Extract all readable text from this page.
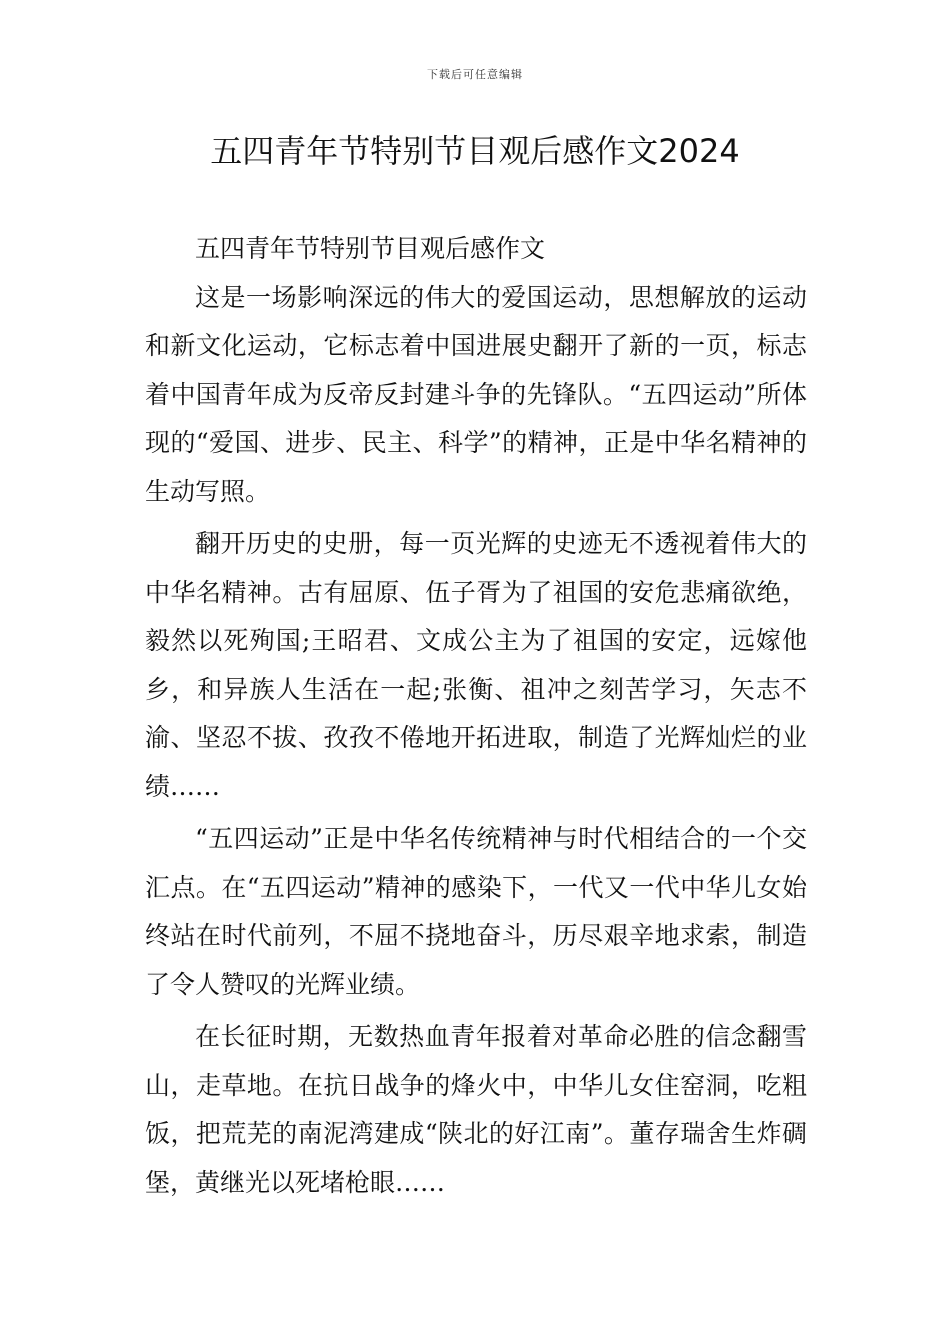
下载后可任意编辑
五四青年节特别节目观后感作文2024

五四青年节特别节目观后感作文

这是一场影响深远的伟大的爱国运动，思想解放的运动和新文化运动，它标志着中国进展史翻开了新的一页，标志着中国青年成为反帝反封建斗争的先锋队。“五四运动”所体现的“爱国、进步、民主、科学”的精神，正是中华名精神的生动写照。

翻开历史的史册，每一页光辉的史迹无不透视着伟大的中华名精神。古有屈原、伍子胥为了祖国的安危悲痛欲绝，毅然以死殉国;王昭君、文成公主为了祖国的安定，远嫁他乡，和异族人生活在一起;张衡、祖冲之刻苦学习，矢志不渝、坚忍不拔、孜孜不倦地开拓进取，制造了光辉灿烂的业绩……

“五四运动”正是中华名传统精神与时代相结合的一个交汇点。在“五四运动”精神的感染下，一代又一代中华儿女始终站在时代前列，不屈不挠地奋斗，历尽艰辛地求索，制造了令人赞叹的光辉业绩。

在长征时期，无数热血青年报着对革命必胜的信念翻雪山，走草地。在抗日战争的烽火中，中华儿女住窑洞，吃粗饭，把荒芜的南泥湾建成“陕北的好江南”。董存瑞舍生炸碉堡，黄继光以死堵枪眼……
